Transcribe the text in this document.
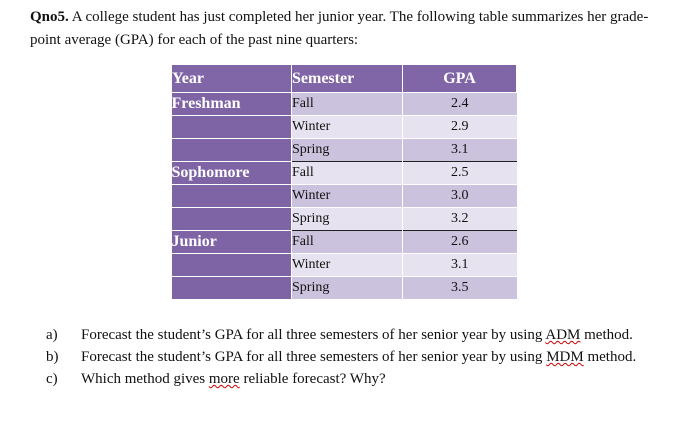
Qno5. A college student has just completed her junior year. The following table summarizes her grade-point average (GPA) for each of the past nine quarters:
Year	Semester	GPA
Freshman	Fall	2.4
	Winter	2.9
	Spring	3.1
Sophomore	Fall	2.5
	Winter	3.0
	Spring	3.2
Junior	Fall	2.6
	Winter	3.1
	Spring	3.5
a) Forecast the student’s GPA for all three semesters of her senior year by using ADM method.
b) Forecast the student’s GPA for all three semesters of her senior year by using MDM method.
c) Which method gives more reliable forecast? Why?
